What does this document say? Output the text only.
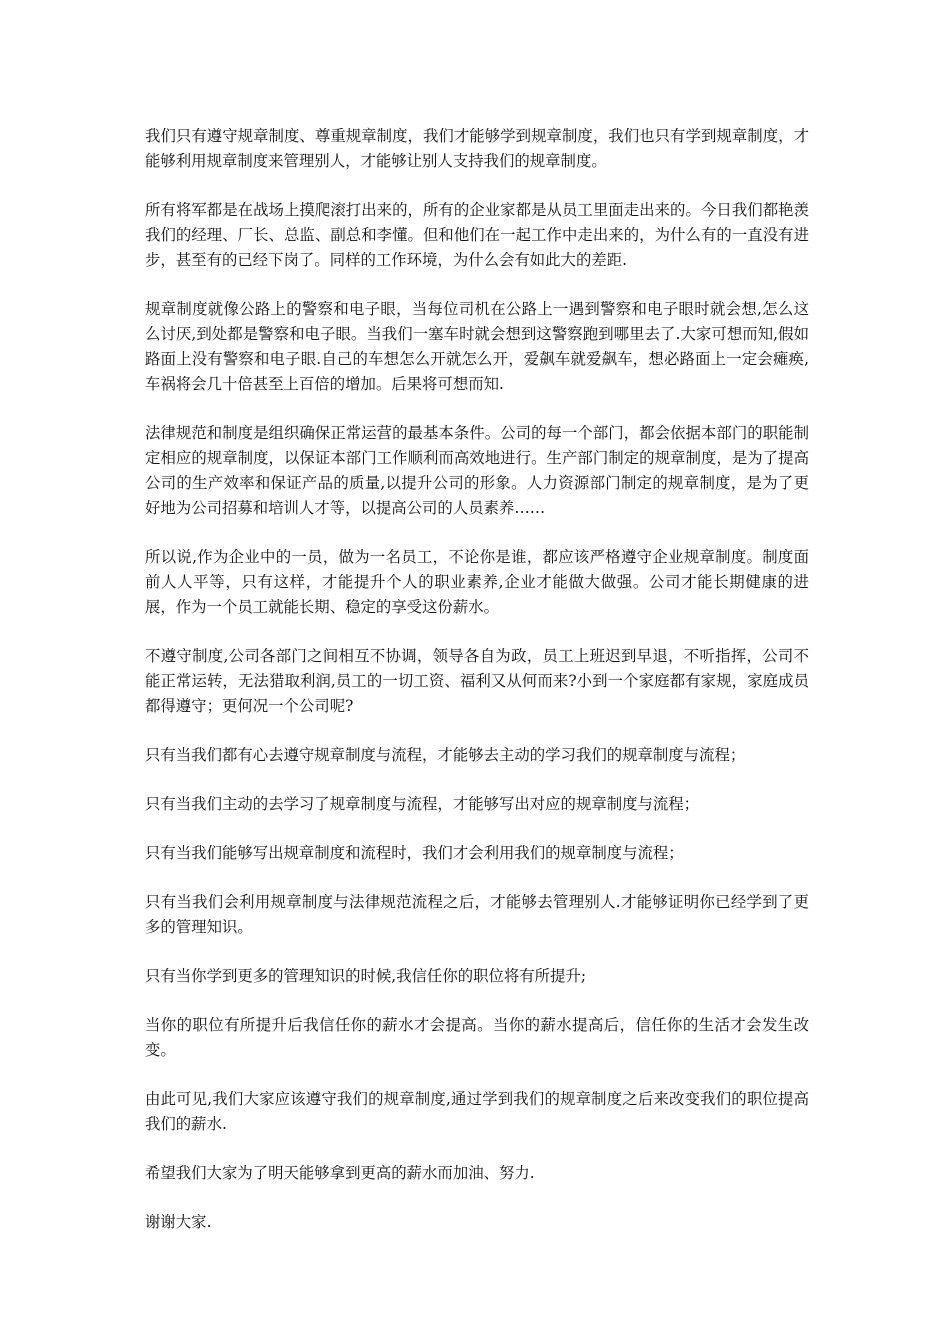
我们只有遵守规章制度、尊重规章制度，我们才能够学到规章制度，我们也只有学到规章制度，才能够利用规章制度来管理别人，才能够让别人支持我们的规章制度。

所有将军都是在战场上摸爬滚打出来的，所有的企业家都是从员工里面走出来的。今日我们都艳羡我们的经理、厂长、总监、副总和李懂。但和他们在一起工作中走出来的，为什么有的一直没有进步，甚至有的已经下岗了。同样的工作环境，为什么会有如此大的差距.

规章制度就像公路上的警察和电子眼，当每位司机在公路上一遇到警察和电子眼时就会想,怎么这么讨厌,到处都是警察和电子眼。当我们一塞车时就会想到这警察跑到哪里去了.大家可想而知,假如路面上没有警察和电子眼.自己的车想怎么开就怎么开，爱飙车就爱飙车，想必路面上一定会瘫痪,车祸将会几十倍甚至上百倍的增加。后果将可想而知.

法律规范和制度是组织确保正常运营的最基本条件。公司的每一个部门，都会依据本部门的职能制定相应的规章制度，以保证本部门工作顺利而高效地进行。生产部门制定的规章制度，是为了提高公司的生产效率和保证产品的质量,以提升公司的形象。人力资源部门制定的规章制度，是为了更好地为公司招募和培训人才等，以提高公司的人员素养……

所以说,作为企业中的一员，做为一名员工，不论你是谁，都应该严格遵守企业规章制度。制度面前人人平等，只有这样，才能提升个人的职业素养,企业才能做大做强。公司才能长期健康的进展，作为一个员工就能长期、稳定的享受这份薪水。

不遵守制度,公司各部门之间相互不协调，领导各自为政，员工上班迟到早退，不听指挥，公司不能正常运转，无法猎取利润,员工的一切工资、福利又从何而来?小到一个家庭都有家规，家庭成员都得遵守；更何况一个公司呢?

只有当我们都有心去遵守规章制度与流程，才能够去主动的学习我们的规章制度与流程；

只有当我们主动的去学习了规章制度与流程，才能够写出对应的规章制度与流程；

只有当我们能够写出规章制度和流程时，我们才会利用我们的规章制度与流程；

只有当我们会利用规章制度与法律规范流程之后，才能够去管理别人.才能够证明你已经学到了更多的管理知识。

只有当你学到更多的管理知识的时候,我信任你的职位将有所提升;

当你的职位有所提升后我信任你的薪水才会提高。当你的薪水提高后，信任你的生活才会发生改变。

由此可见,我们大家应该遵守我们的规章制度,通过学到我们的规章制度之后来改变我们的职位提高我们的薪水.

希望我们大家为了明天能够拿到更高的薪水而加油、努力.

谢谢大家.
